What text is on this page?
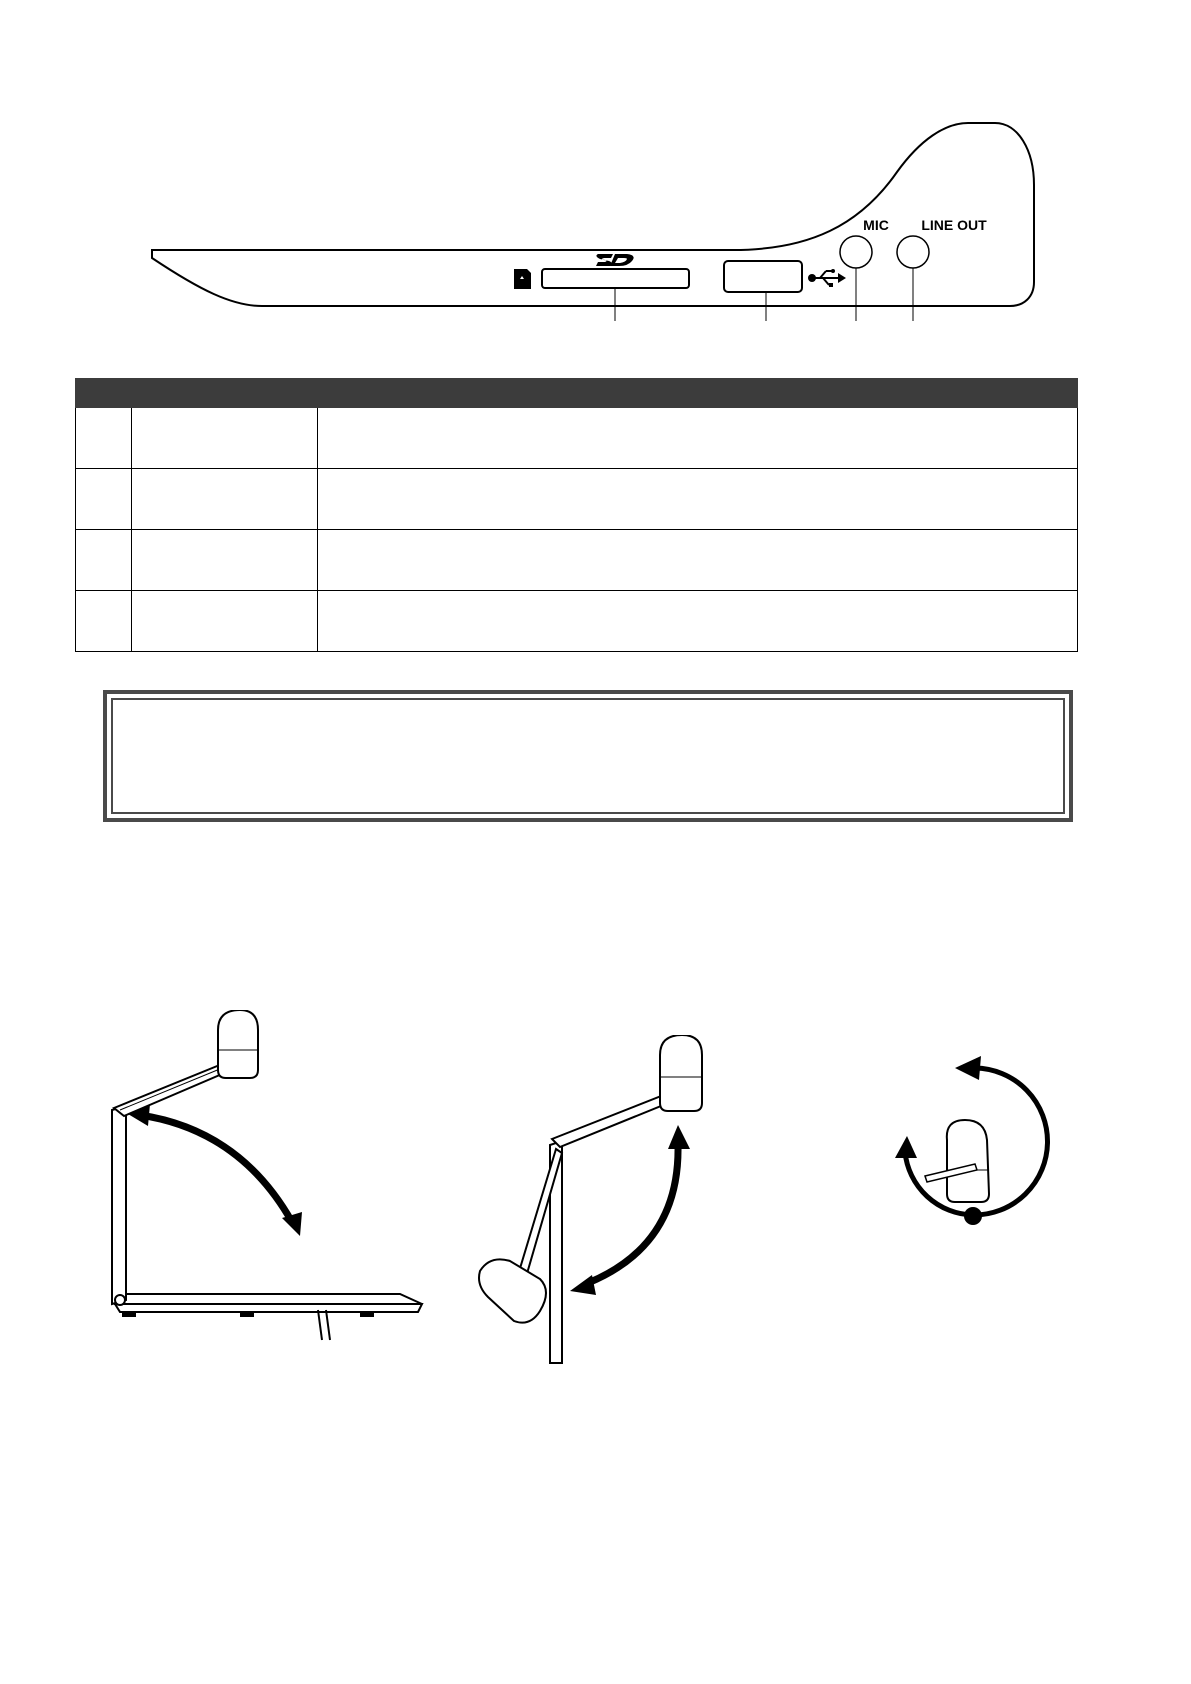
MIC LINE OUT
